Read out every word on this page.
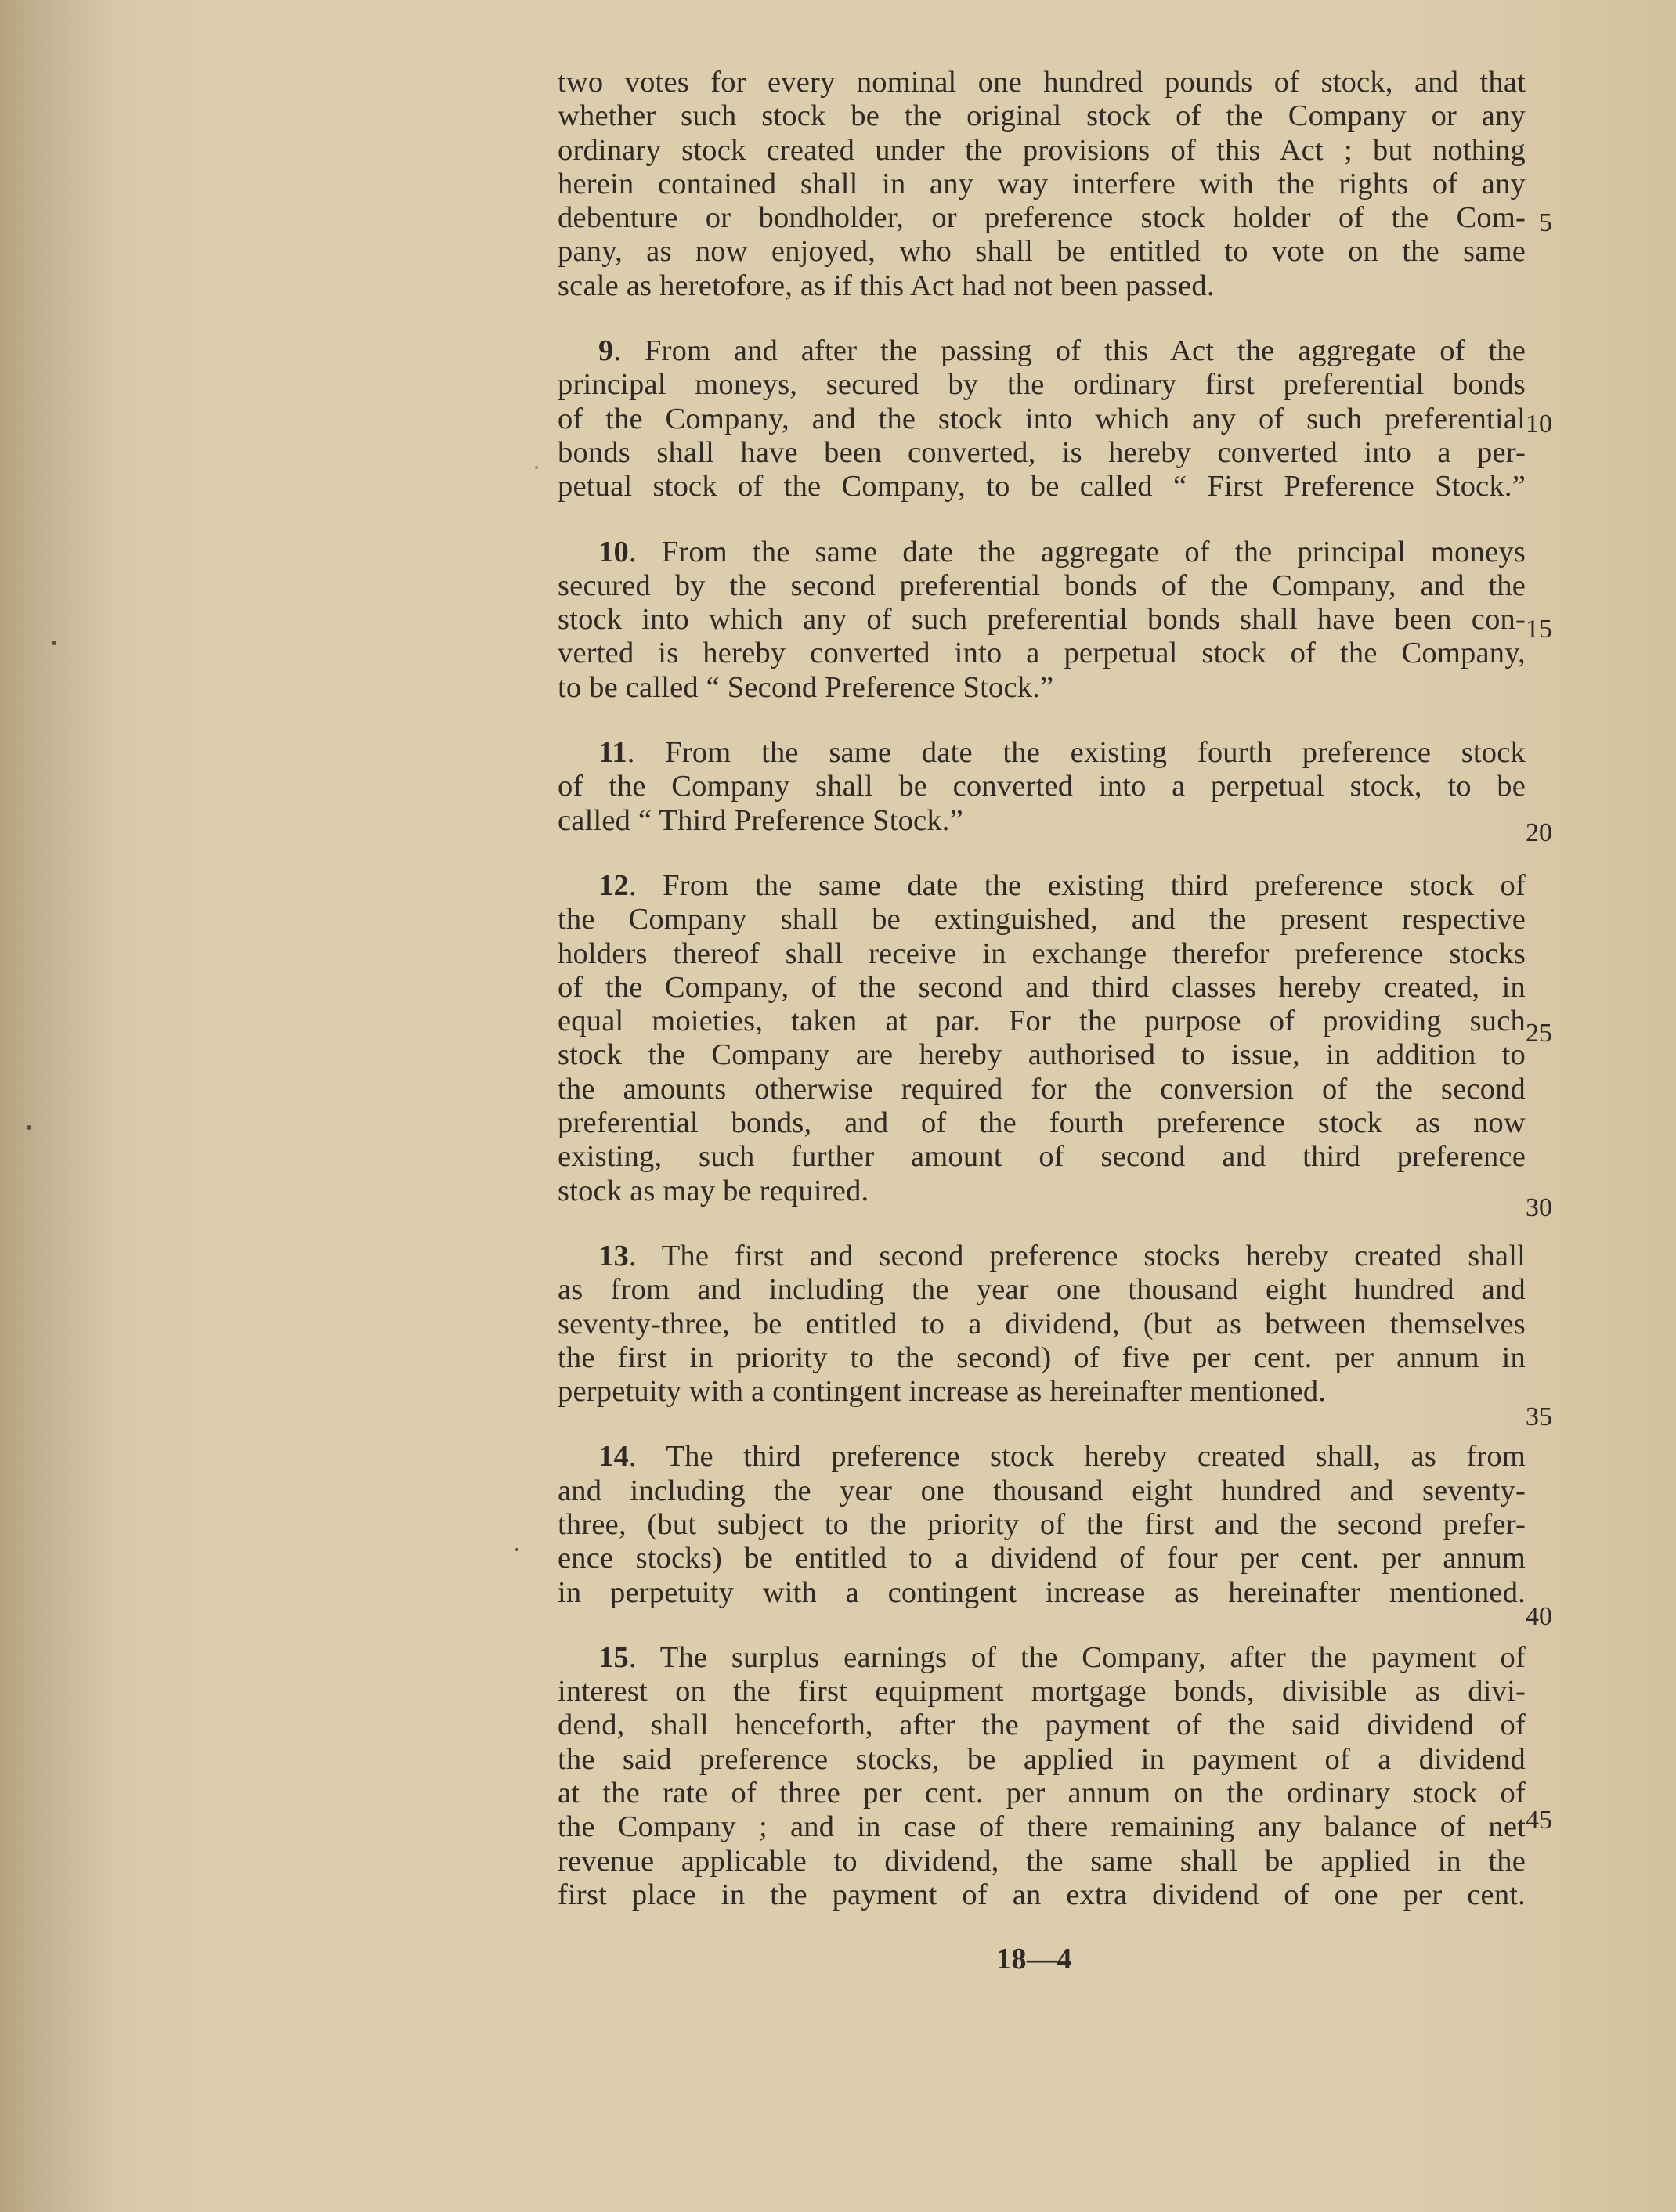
two votes for every nominal one hundred pounds of stock, and that
whether such stock be the original stock of the Company or any
ordinary stock created under the provisions of this Act ; but nothing
herein contained shall in any way interfere with the rights of any
debenture or bondholder, or preference stock holder of the Com-
pany, as now enjoyed, who shall be entitled to vote on the same
scale as heretofore, as if this Act had not been passed.
9. From and after the passing of this Act the aggregate of the
principal moneys, secured by the ordinary first preferential bonds
of the Company, and the stock into which any of such preferential
bonds shall have been converted, is hereby converted into a per-
petual stock of the Company, to be called “ First Preference Stock.”
10. From the same date the aggregate of the principal moneys
secured by the second preferential bonds of the Company, and the
stock into which any of such preferential bonds shall have been con-
verted is hereby converted into a perpetual stock of the Company,
to be called “ Second Preference Stock.”
11. From the same date the existing fourth preference stock
of the Company shall be converted into a perpetual stock, to be
called “ Third Preference Stock.”
12. From the same date the existing third preference stock of
the Company shall be extinguished, and the present respective
holders thereof shall receive in exchange therefor preference stocks
of the Company, of the second and third classes hereby created, in
equal moieties, taken at par. For the purpose of providing such
stock the Company are hereby authorised to issue, in addition to
the amounts otherwise required for the conversion of the second
preferential bonds, and of the fourth preference stock as now
existing, such further amount of second and third preference
stock as may be required.
13. The first and second preference stocks hereby created shall
as from and including the year one thousand eight hundred and
seventy-three, be entitled to a dividend, (but as between themselves
the first in priority to the second) of five per cent. per annum in
perpetuity with a contingent increase as hereinafter mentioned.
14. The third preference stock hereby created shall, as from
and including the year one thousand eight hundred and seventy-
three, (but subject to the priority of the first and the second prefer-
ence stocks) be entitled to a dividend of four per cent. per annum
in perpetuity with a contingent increase as hereinafter mentioned.
15. The surplus earnings of the Company, after the payment of
interest on the first equipment mortgage bonds, divisible as divi-
dend, shall henceforth, after the payment of the said dividend of
the said preference stocks, be applied in payment of a dividend
at the rate of three per cent. per annum on the ordinary stock of
the Company ; and in case of there remaining any balance of net
revenue applicable to dividend, the same shall be applied in the
first place in the payment of an extra dividend of one per cent.
5
10
15
20
25
30
35
40
45
18—4
